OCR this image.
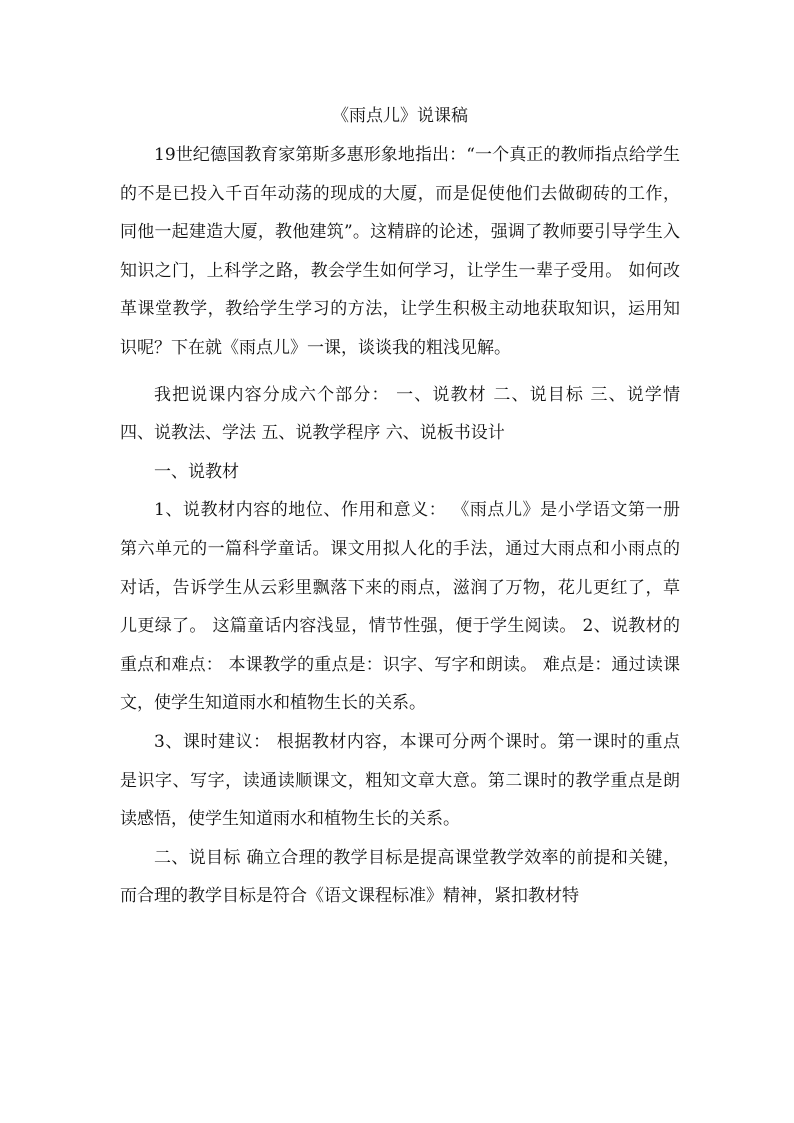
《雨点儿》说课稿

19世纪德国教育家第斯多惠形象地指出：“一个真正的教师指点给学生的不是已投入千百年动荡的现成的大厦，而是促使他们去做砌砖的工作，同他一起建造大厦，教他建筑”。这精辟的论述，强调了教师要引导学生入知识之门，上科学之路，教会学生如何学习，让学生一辈子受用。 如何改革课堂教学，教给学生学习的方法，让学生积极主动地获取知识，运用知识呢？下在就《雨点儿》一课，谈谈我的粗浅见解。

我把说课内容分成六个部分： 一、说教材 二、说目标 三、说学情 四、说教法、学法 五、说教学程序 六、说板书设计

一、说教材

1、说教材内容的地位、作用和意义： 《雨点儿》是小学语文第一册第六单元的一篇科学童话。课文用拟人化的手法，通过大雨点和小雨点的对话，告诉学生从云彩里飘落下来的雨点，滋润了万物，花儿更红了，草儿更绿了。 这篇童话内容浅显，情节性强，便于学生阅读。 2、说教材的重点和难点： 本课教学的重点是：识字、写字和朗读。 难点是：通过读课文，使学生知道雨水和植物生长的关系。

3、课时建议： 根据教材内容，本课可分两个课时。第一课时的重点是识字、写字，读通读顺课文，粗知文章大意。第二课时的教学重点是朗读感悟，使学生知道雨水和植物生长的关系。

二、说目标 确立合理的教学目标是提高课堂教学效率的前提和关键，而合理的教学目标是符合《语文课程标准》精神，紧扣教材特
